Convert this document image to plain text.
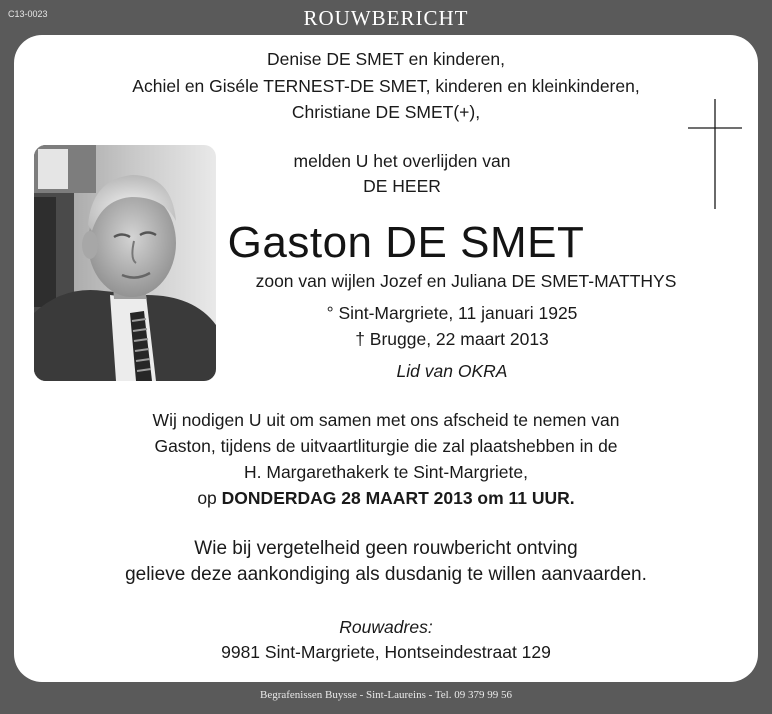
C13-0023	ROUWBERICHT
Denise DE SMET en kinderen,
Achiel en Giséle TERNEST-DE SMET, kinderen en kleinkinderen,
Christiane DE SMET(+),
melden U het overlijden van
DE HEER
Gaston DE SMET
zoon van wijlen Jozef en Juliana DE SMET-MATTHYS
° Sint-Margriete, 11 januari 1925
† Brugge, 22 maart 2013
Lid van OKRA
Wij nodigen U uit om samen met ons afscheid te nemen van
Gaston, tijdens de uitvaartliturgie die zal plaatshebben in de
H. Margarethakerk te Sint-Margriete,
op DONDERDAG 28 MAART 2013 om 11 UUR.
Wie bij vergetelheid geen rouwbericht ontving
gelieve deze aankondiging als dusdanig te willen aanvaarden.
Rouwadres:
9981 Sint-Margriete, Hontseindestraat 129
Begrafenissen Buysse - Sint-Laureins - Tel. 09 379 99 56
